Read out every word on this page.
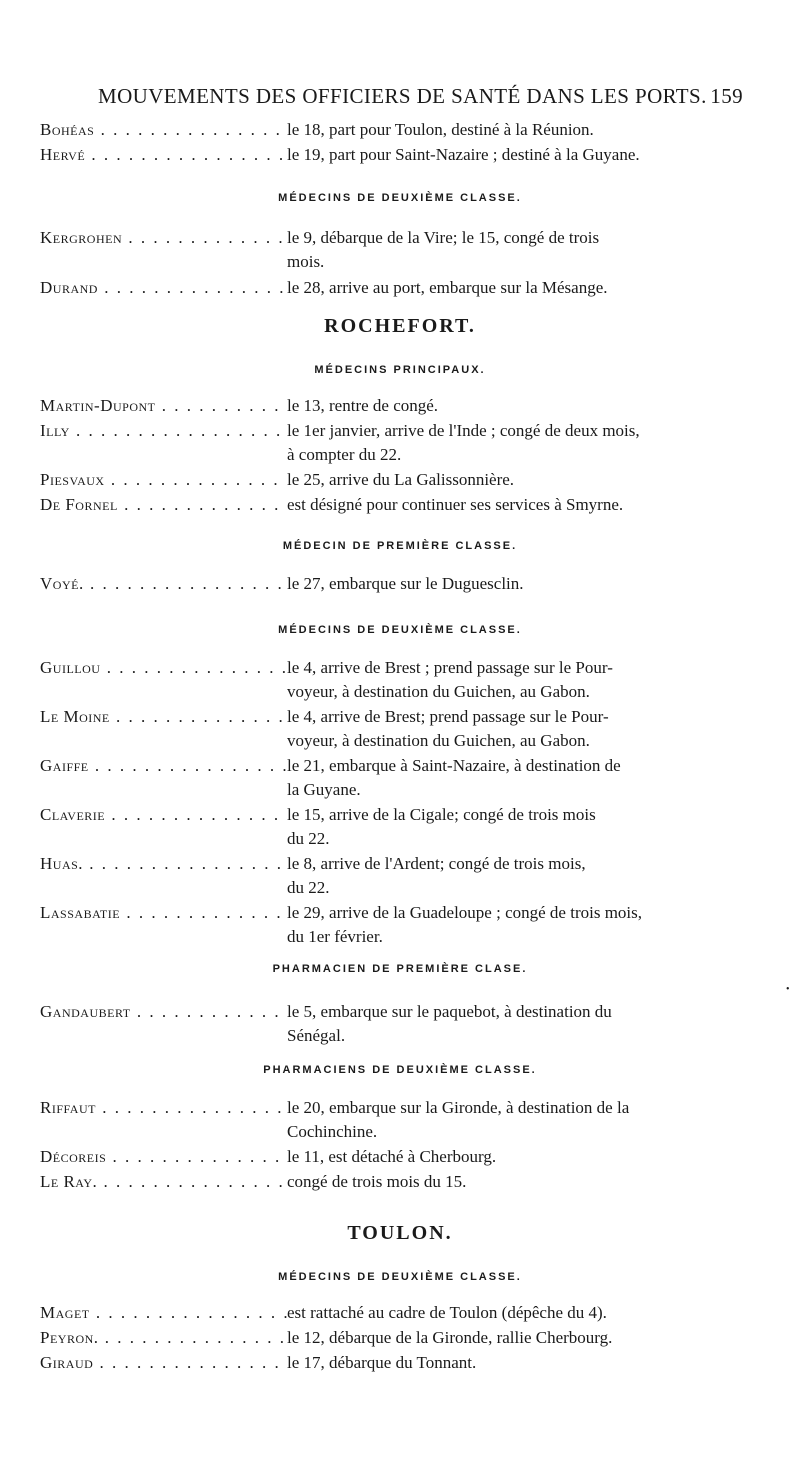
MOUVEMENTS DES OFFICIERS DE SANTÉ DANS LES PORTS. 159
Bohéas . . .	le 18, part pour Toulon, destiné à la Réunion.
Hervé . . .	le 19, part pour Saint-Nazaire ; destiné à la Guyane.
MÉDECINS DE DEUXIÈME CLASSE.
Kergrohen . . .	le 9, débarque de la Vire; le 15, congé de trois
mois.
Durand . . .	le 28, arrive au port, embarque sur la Mésange.
ROCHEFORT.
MÉDECINS PRINCIPAUX.
Martin-Dupont . . .	le 13, rentre de congé.
Illy . . .	le 1er janvier, arrive de l'Inde ; congé de deux mois,
à compter du 22.
Piesvaux . . .	le 25, arrive du La Galissonnière.
De Fornel . . .	est désigné pour continuer ses services à Smyrne.
MÉDECIN DE PREMIÈRE CLASSE.
Voyé. . . .	le 27, embarque sur le Duguesclin.
MÉDECINS DE DEUXIÈME CLASSE.
Guillou . . .	le 4, arrive de Brest ; prend passage sur le Pour-
voyeur, à destination du Guichen, au Gabon.
Le Moine . . .	le 4, arrive de Brest; prend passage sur le Pour-
voyeur, à destination du Guichen, au Gabon.
Gaiffe . . .	le 21, embarque à Saint-Nazaire, à destination de
la Guyane.
Claverie . . .	le 15, arrive de la Cigale; congé de trois mois
du 22.
Huas. . . .	le 8, arrive de l'Ardent; congé de trois mois,
du 22.
Lassabatie . . .	le 29, arrive de la Guadeloupe ; congé de trois mois,
du 1er février.
PHARMACIEN DE PREMIÈRE CLASE.
Gandaubert . . .	le 5, embarque sur le paquebot, à destination du
Sénégal.
PHARMACIENS DE DEUXIÈME CLASSE.
Riffaut . . .	le 20, embarque sur la Gironde, à destination de la
Cochinchine.
Décoreis . . .	le 11, est détaché à Cherbourg.
Le Ray. . . .	congé de trois mois du 15.
TOULON.
MÉDECINS DE DEUXIÈME CLASSE.
Maget . . .	est rattaché au cadre de Toulon (dépêche du 4).
Peyron. . . .	le 12, débarque de la Gironde, rallie Cherbourg.
Giraud . . .	le 17, débarque du Tonnant.
•
